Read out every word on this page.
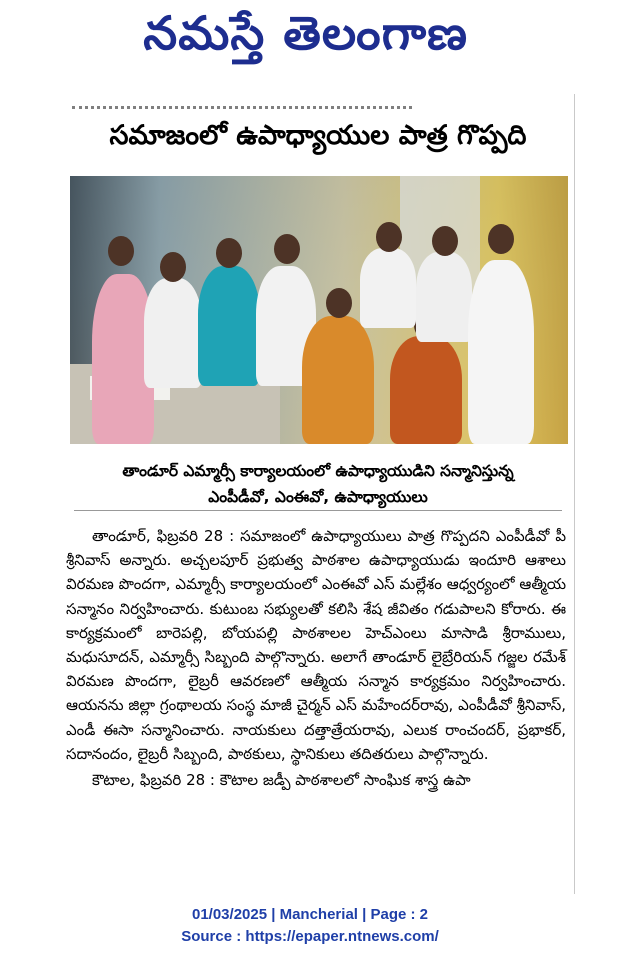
నమస్తే తెలంగాణ
సమాజంలో ఉపాధ్యాయుల పాత్ర గొప్పది
తాండూర్ ఎమ్మార్సీ కార్యాలయంలో ఉపాధ్యాయుడిని సన్మానిస్తున్న
ఎంపీడీవో, ఎంఈవో, ఉపాధ్యాయులు

తాండూర్, ఫిబ్రవరి 28 : సమాజంలో ఉపాధ్యాయులు పాత్ర గొప్పదని ఎంపీడీవో పీ శ్రీనివాస్ అన్నారు. అచ్చలపూర్ ప్రభుత్వ పాఠశాల ఉపాధ్యాయుడు ఇందూరి ఆశాలు విరమణ పొందగా, ఎమ్మార్సీ కార్యాలయంలో ఎంఈవో ఎస్ మల్లేశం ఆధ్వర్యంలో ఆత్మీయ సన్మానం నిర్వహించారు. కుటుంబ సభ్యులతో కలిసి శేష జీవితం గడుపాలని కోరారు. ఈ కార్యక్రమంలో బారెపల్లి, బోయపల్లి పాఠశాలల హెచ్ఎంలు మాసాడి శ్రీరాములు, మధుసూదన్, ఎమ్మార్సీ సిబ్బంది పాల్గొన్నారు. అలాగే తాండూర్ లైబ్రేరియన్ గజ్జల రమేశ్ విరమణ పొందగా, లైబ్రరీ ఆవరణలో ఆత్మీయ సన్మాన కార్యక్రమం నిర్వహించారు. ఆయనను జిల్లా గ్రంథాలయ సంస్థ మాజీ చైర్మన్ ఎస్ మహేందర్‌రావు, ఎంపీడీవో శ్రీనివాస్, ఎండీ ఈసా సన్మానించారు. నాయకులు దత్తాత్రేయరావు, ఎలుక రాంచందర్, ప్రభాకర్, సదానందం, లైబ్రరీ సిబ్బంది, పాఠకులు, స్థానికులు తదితరులు పాల్గొన్నారు.

కౌటాల, ఫిబ్రవరి 28 : కౌటాల జడ్పీ పాఠశాలలో సాంఘిక శాస్త్ర ఉపా

01/03/2025 | Mancherial | Page : 2
Source : https://epaper.ntnews.com/
